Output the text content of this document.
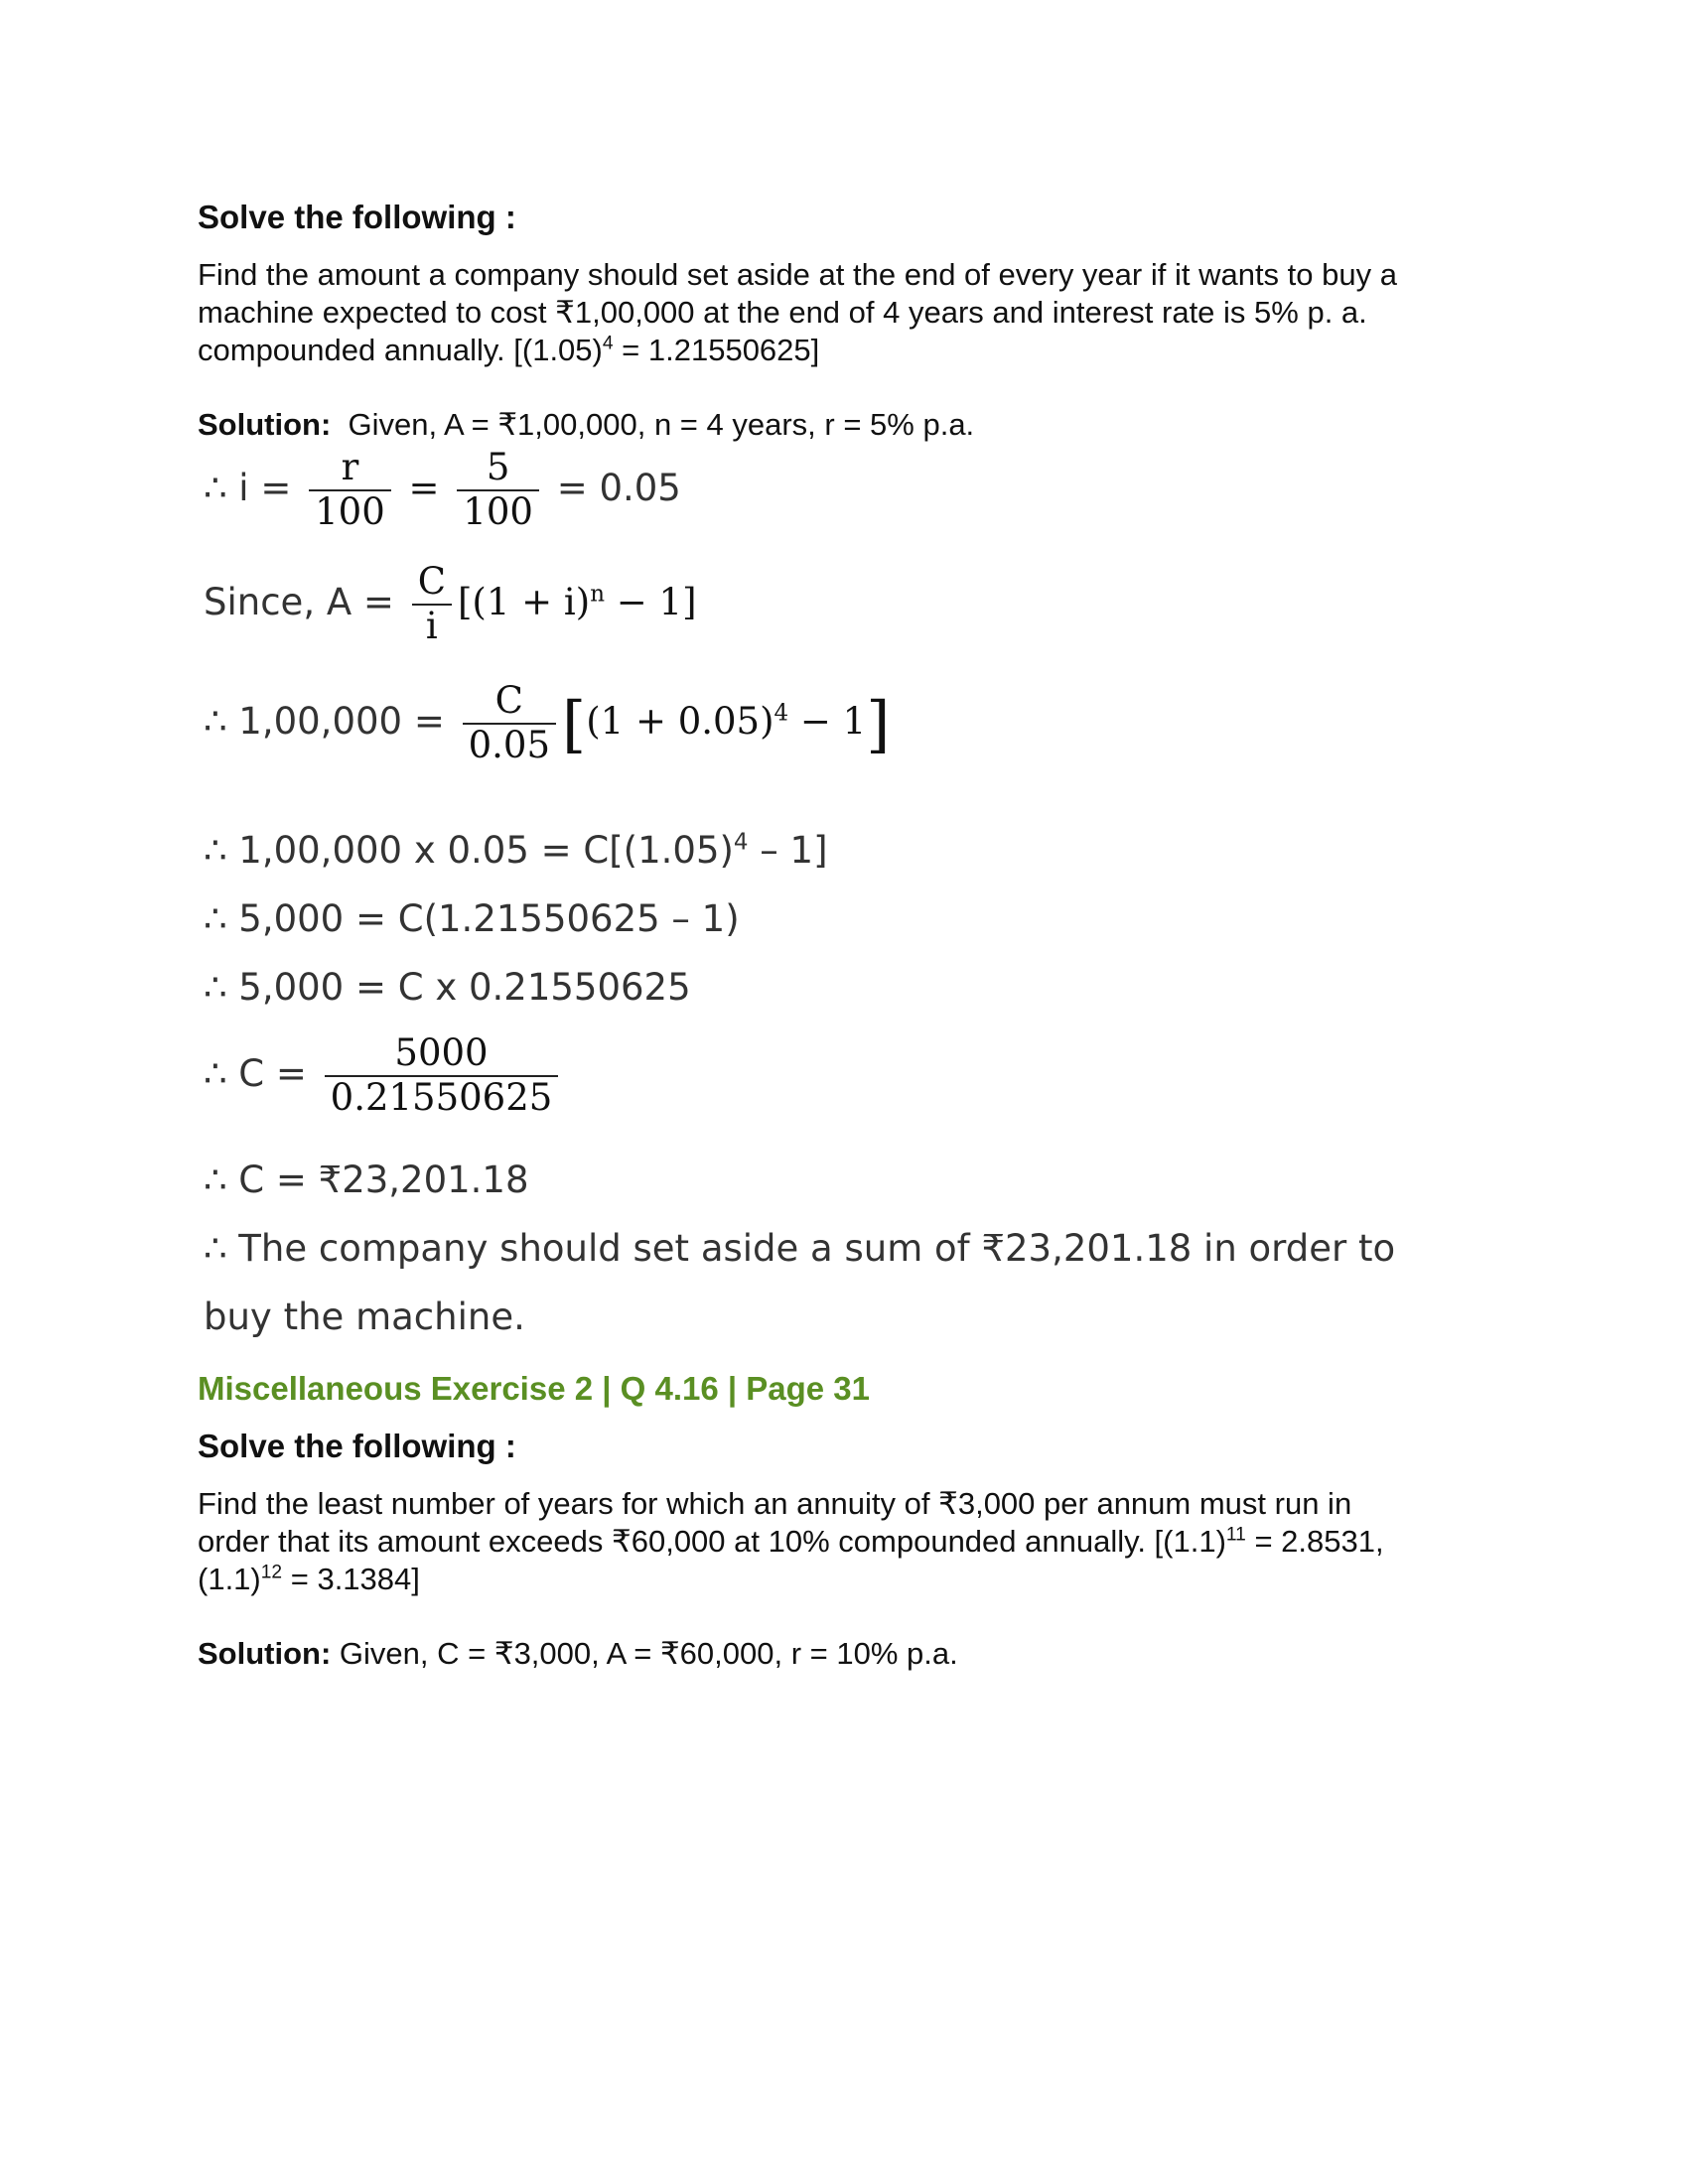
Solve the following :
Find the amount a company should set aside at the end of every year if it wants to buy a
machine expected to cost ₹1,00,000 at the end of 4 years and interest rate is 5% p. a.
compounded annually. $[(1.05)^4 = 1.21550625]$
Solution: Given, A = ₹1,00,000, n = 4 years, r = 5% p.a.
∴ $i = \frac{r}{100} = \frac{5}{100} = 0.05$
Since, $A = \frac{C}{i} [(1 + i)^n - 1]$
∴ $1,00,000 = \frac{C}{0.05} [(1 + 0.05)^4 - 1]$
∴ 1,00,000 x $0.05 = C[(1.05)^4 - 1]$
∴ 5,000 = C(1.21550625 – 1)
∴ 5,000 = C x 0.21550625
∴ $C = \frac{5000}{0.21550625}$
∴ C = ₹23,201.18
∴ The company should set aside a sum of ₹23,201.18 in order to
buy the machine.
Miscellaneous Exercise 2 | Q 4.16 | Page 31
Solve the following :
Find the least number of years for which an annuity of ₹3,000 per annum must run in
order that its amount exceeds ₹60,000 at 10% compounded annually. [$(1.1)^{11} = 2.8531$,
$(1.1)^{12} = 3.1384$]
Solution: Given, C = ₹3,000, A = ₹60,000, r = 10% p.a.
